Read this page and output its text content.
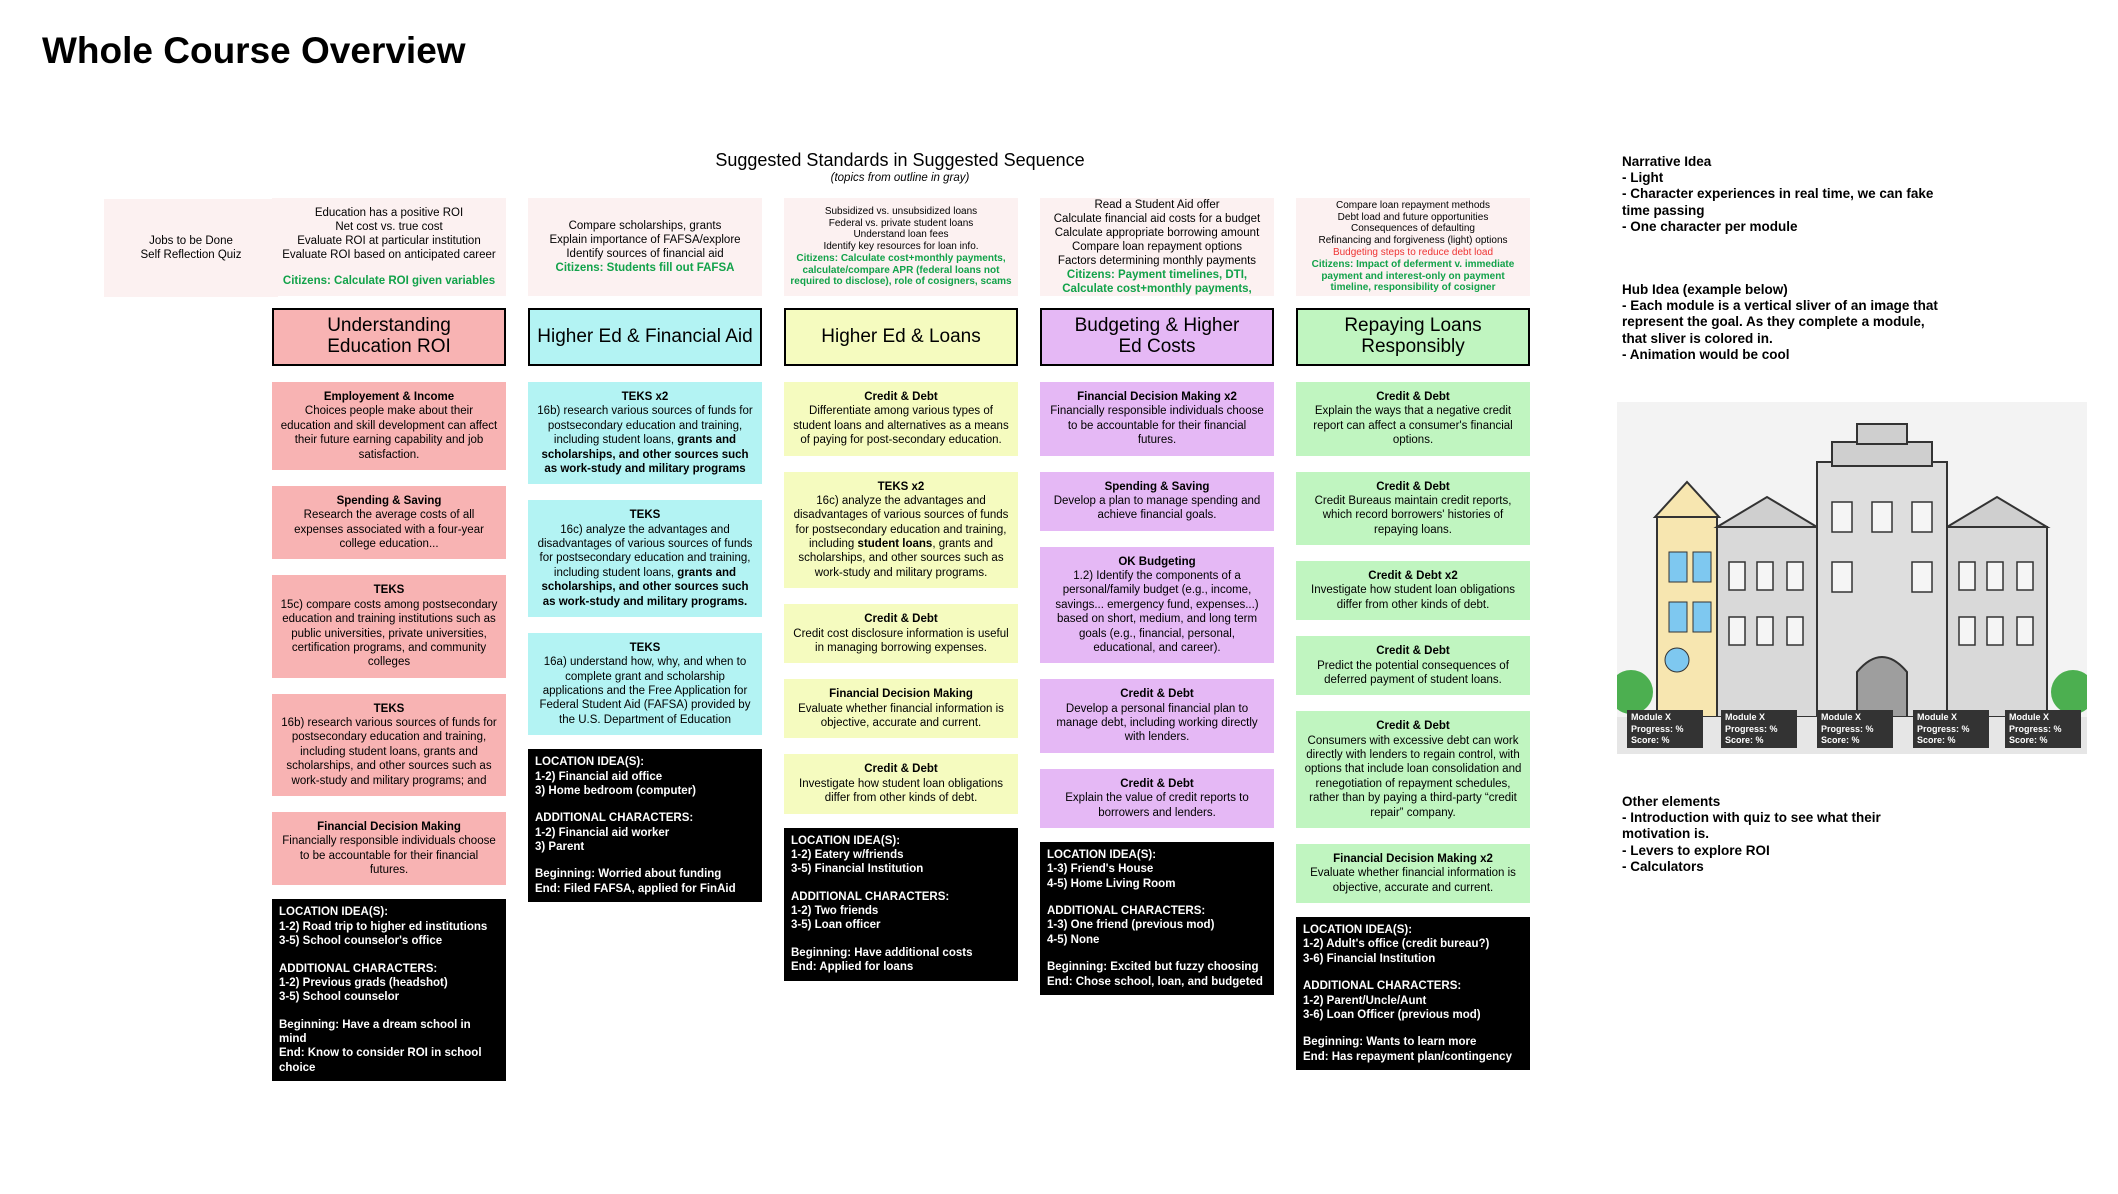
Whole Course Overview
Suggested Standards in Suggested Sequence
(topics from outline in gray)
Jobs to be Done
Self Reflection Quiz
Education has a positive ROI
Net cost vs. true cost
Evaluate ROI at particular institution
Evaluate ROI based on anticipated career
Citizens: Calculate ROI given variables
Understanding Education ROI
Employement & Income
Choices people make about their education and skill development can affect their future earning capability and job satisfaction.
Spending & Saving
Research the average costs of all expenses associated with a four-year college education...
TEKS
15c) compare costs among postsecondary education and training institutions such as public universities, private universities, certification programs, and community colleges
TEKS
16b) research various sources of funds for postsecondary education and training, including student loans, grants and scholarships, and other sources such as work-study and military programs; and
Financial Decision Making
Financially responsible individuals choose to be accountable for their financial futures.

LOCATION IDEA(S):

1-2) Road trip to higher ed institutions

3-5) School counselor's office

ADDITIONAL CHARACTERS:

1-2) Previous grads (headshot)

3-5) School counselor

Beginning: Have a dream school in mind

End: Know to consider ROI in school choice

Compare scholarships, grants
Explain importance of FAFSA/explore
Identify sources of financial aid
Citizens: Students fill out FAFSA
Higher Ed & Financial Aid
TEKS x2
16b) research various sources of funds for postsecondary education and training, including student loans, grants and scholarships, and other sources such as work-study and military programs
TEKS
16c) analyze the advantages and disadvantages of various sources of funds for postsecondary education and training, including student loans, grants and scholarships, and other sources such as work-study and military programs.
TEKS
16a) understand how, why, and when to complete grant and scholarship applications and the Free Application for Federal Student Aid (FAFSA) provided by the U.S. Department of Education

LOCATION IDEA(S):

1-2) Financial aid office

3) Home bedroom (computer)

ADDITIONAL CHARACTERS:

1-2) Financial aid worker

3) Parent

Beginning: Worried about funding

End: Filed FAFSA, applied for FinAid

Subsidized vs. unsubsidized loans
Federal vs. private student loans
Understand loan fees
Identify key resources for loan info.
Citizens: Calculate cost+monthly payments, calculate/compare APR (federal loans not required to disclose), role of cosigners, scams
Higher Ed & Loans
Credit & Debt
Differentiate among various types of student loans and alternatives as a means of paying for post-secondary education.
TEKS x2
16c) analyze the advantages and disadvantages of various sources of funds for postsecondary education and training, including student loans, grants and scholarships, and other sources such as work-study and military programs.
Credit & Debt
Credit cost disclosure information is useful in managing borrowing expenses.
Financial Decision Making
Evaluate whether financial information is objective, accurate and current.
Credit & Debt
Investigate how student loan obligations differ from other kinds of debt.

LOCATION IDEA(S):

1-2) Eatery w/friends

3-5) Financial Institution

ADDITIONAL CHARACTERS:

1-2) Two friends

3-5) Loan officer

Beginning: Have additional costs

End: Applied for loans

Read a Student Aid offer
Calculate financial aid costs for a budget
Calculate appropriate borrowing amount
Compare loan repayment options
Factors determining monthly payments
Citizens: Payment timelines, DTI, Calculate cost+monthly payments,
Budgeting & Higher Ed Costs
Financial Decision Making x2
Financially responsible individuals choose to be accountable for their financial futures.
Spending & Saving
Develop a plan to manage spending and achieve financial goals.
OK Budgeting
1.2) Identify the components of a personal/family budget (e.g., income, savings... emergency fund, expenses...) based on short, medium, and long term goals (e.g., financial, personal, educational, and career).
Credit & Debt
Develop a personal financial plan to manage debt, including working directly with lenders.
Credit & Debt
Explain the value of credit reports to borrowers and lenders.

LOCATION IDEA(S):

1-3) Friend's House

4-5) Home Living Room

ADDITIONAL CHARACTERS:

1-3) One friend (previous mod)

4-5) None

Beginning: Excited but fuzzy choosing

End: Chose school, loan, and budgeted

Compare loan repayment methods
Debt load and future opportunities
Consequences of defaulting
Refinancing and forgiveness (light) options
Budgeting steps to reduce debt load
Citizens: Impact of deferment v. immediate payment and interest-only on payment timeline, responsibility of cosigner
Repaying Loans Responsibly
Credit & Debt
Explain the ways that a negative credit report can affect a consumer's financial options.
Credit & Debt
Credit Bureaus maintain credit reports, which record borrowers' histories of repaying loans.
Credit & Debt x2
Investigate how student loan obligations differ from other kinds of debt.
Credit & Debt
Predict the potential consequences of deferred payment of student loans.
Credit & Debt
Consumers with excessive debt can work directly with lenders to regain control, with options that include loan consolidation and renegotiation of repayment schedules, rather than by paying a third-party “credit repair” company.
Financial Decision Making x2
Evaluate whether financial information is objective, accurate and current.

LOCATION IDEA(S):

1-2) Adult's office (credit bureau?)

3-6) Financial Institution

ADDITIONAL CHARACTERS:

1-2) Parent/Uncle/Aunt

3-6) Loan Officer (previous mod)

Beginning: Wants to learn more

End: Has repayment plan/contingency

Narrative Idea
- Light
- Character experiences in real time, we can fake time passing
- One character per module
Hub Idea (example below)
- Each module is a vertical sliver of an image that represent the goal. As they complete a module, that sliver is colored in.
- Animation would be cool
Module X
Progress: %
Score: %
Module X
Progress: %
Score: %
Module X
Progress: %
Score: %
Module X
Progress: %
Score: %
Module X
Progress: %
Score: %
Other elements
- Introduction with quiz to see what their motivation is.
- Levers to explore ROI
- Calculators
